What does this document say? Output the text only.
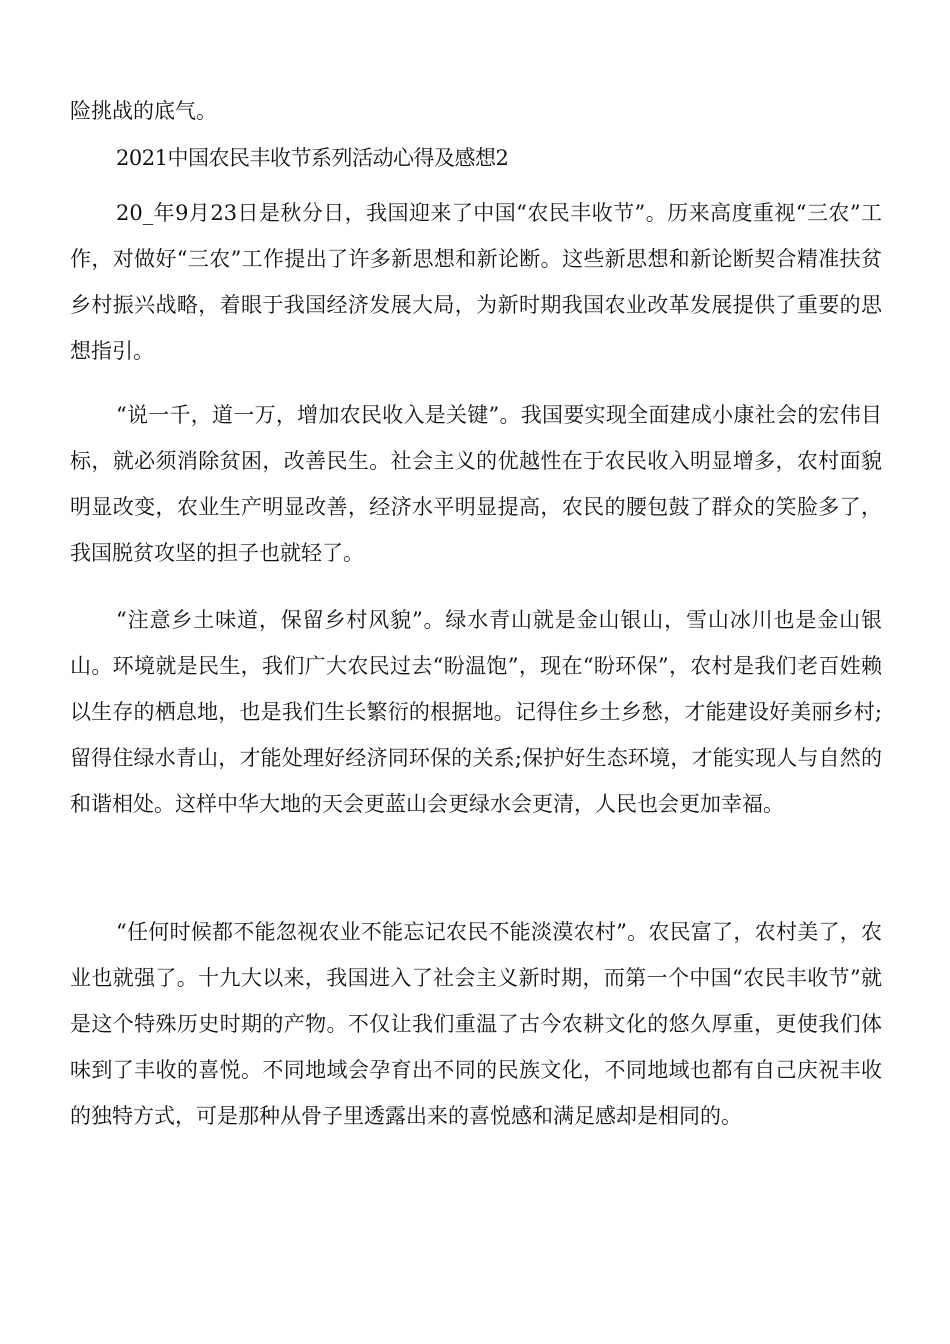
险挑战的底气。

2021中国农民丰收节系列活动心得及感想2

20_年9月23日是秋分日，我国迎来了中国“农民丰收节”。历来高度重视“三农”工作，对做好“三农”工作提出了许多新思想和新论断。这些新思想和新论断契合精准扶贫乡村振兴战略，着眼于我国经济发展大局，为新时期我国农业改革发展提供了重要的思想指引。

“说一千，道一万，增加农民收入是关键”。我国要实现全面建成小康社会的宏伟目标，就必须消除贫困，改善民生。社会主义的优越性在于农民收入明显增多，农村面貌明显改变，农业生产明显改善，经济水平明显提高，农民的腰包鼓了群众的笑脸多了，我国脱贫攻坚的担子也就轻了。

“注意乡土味道，保留乡村风貌”。绿水青山就是金山银山，雪山冰川也是金山银山。环境就是民生，我们广大农民过去“盼温饱”，现在“盼环保”，农村是我们老百姓赖以生存的栖息地，也是我们生长繁衍的根据地。记得住乡土乡愁，才能建设好美丽乡村;留得住绿水青山，才能处理好经济同环保的关系;保护好生态环境，才能实现人与自然的和谐相处。这样中华大地的天会更蓝山会更绿水会更清，人民也会更加幸福。

“任何时候都不能忽视农业不能忘记农民不能淡漠农村”。农民富了，农村美了，农业也就强了。十九大以来，我国进入了社会主义新时期，而第一个中国“农民丰收节”就是这个特殊历史时期的产物。不仅让我们重温了古今农耕文化的悠久厚重，更使我们体味到了丰收的喜悦。不同地域会孕育出不同的民族文化，不同地域也都有自己庆祝丰收的独特方式，可是那种从骨子里透露出来的喜悦感和满足感却是相同的。
